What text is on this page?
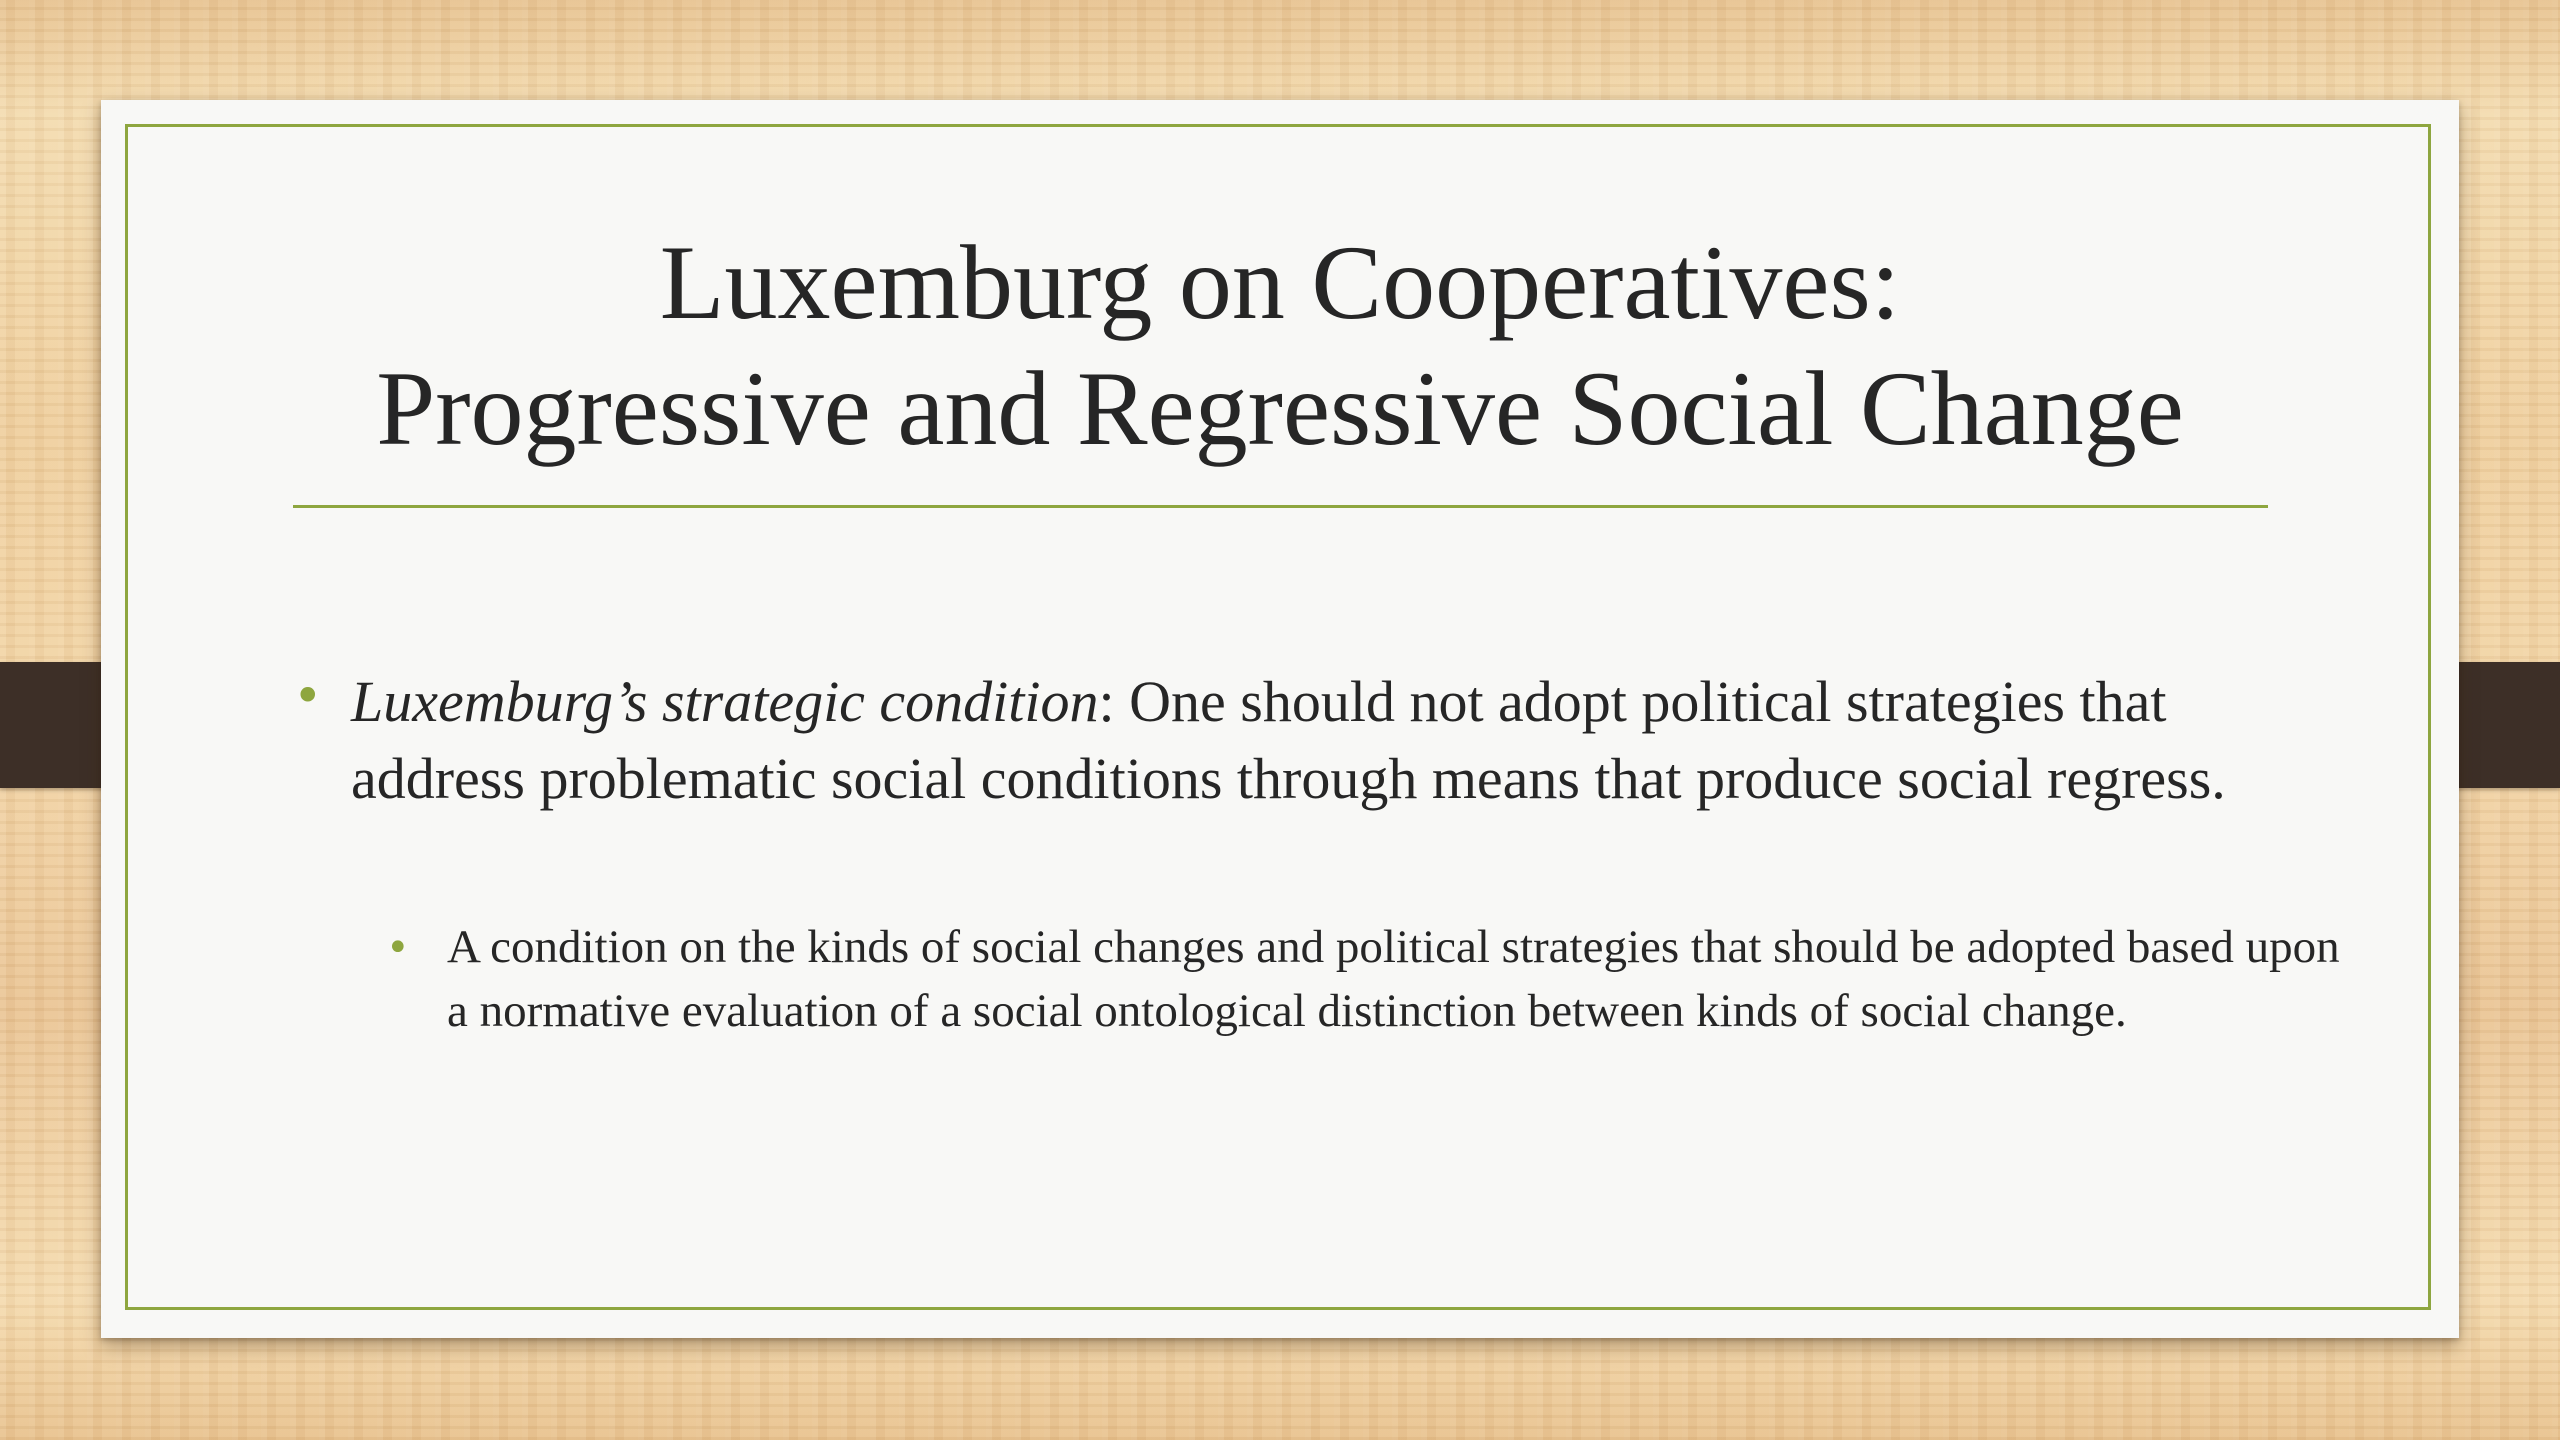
Luxemburg on Cooperatives:
Progressive and Regressive Social Change
• Luxemburg’s strategic condition: One should not adopt political strategies that address problematic social conditions through means that produce social regress.
• A condition on the kinds of social changes and political strategies that should be adopted based upon a normative evaluation of a social ontological distinction between kinds of social change.
